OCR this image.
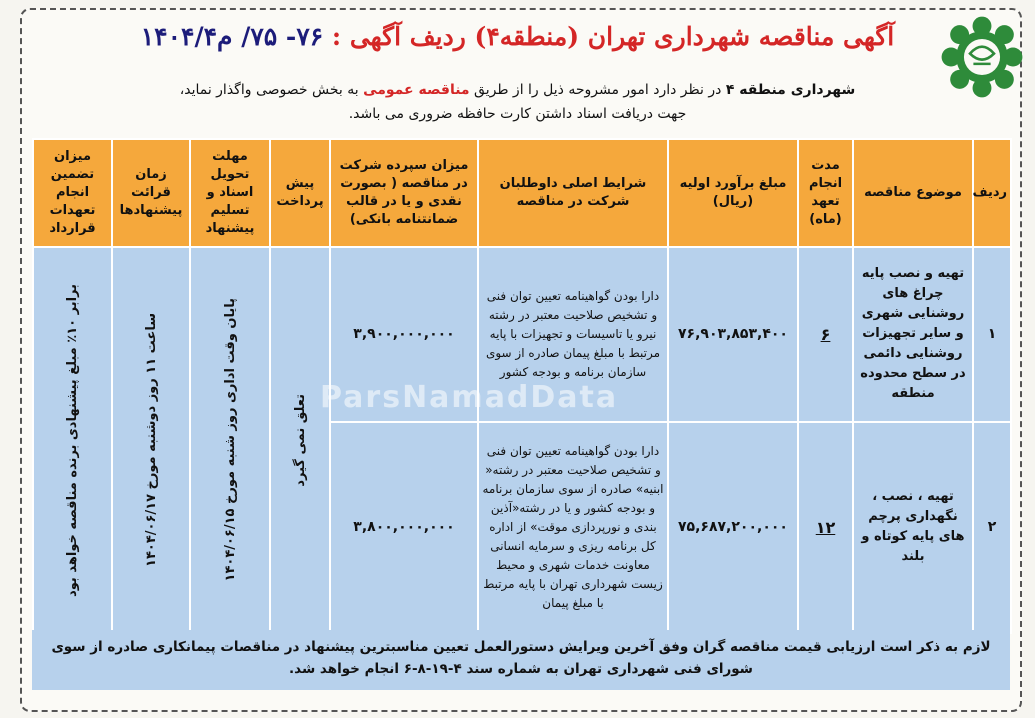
آگهی مناقصه شهرداری تهران (منطقه۴) ردیف آگهی : ۷۶- ۷۵/ م۱۴۰۴/۴
شهرداری منطقه ۴ در نظر دارد امور مشروحه ذیل را از طریق مناقصه عمومی به بخش خصوصی واگذار نماید،
جهت دریافت اسناد داشتن کارت حافظه ضروری می باشد.
ردیف	موضوع مناقصه	مدت انجام تعهد (ماه)	مبلغ برآورد اولیه (ریال)	شرایط اصلی داوطلبان شرکت در مناقصه	میزان سپرده شرکت در مناقصه ( بصورت نقدی و یا در قالب ضمانتنامه بانکی)	پیش پرداخت	مهلت تحویل اسناد و تسلیم پیشنهاد	زمان قرائت پیشنهادها	میزان تضمین انجام تعهدات قرارداد
۱	تهیه و نصب پایه چراغ های روشنایی شهری و سایر تجهیزات روشنایی دائمی در سطح محدوده منطقه	۶	۷۶,۹۰۳,۸۵۳,۴۰۰	دارا بودن گواهینامه تعیین توان فنی و تشخیص صلاحیت معتبر در رشته نیرو یا تاسیسات و تجهیزات با پایه مرتبط با مبلغ پیمان صادره از سوی سازمان برنامه و بودجه کشور	۳,۹۰۰,۰۰۰,۰۰۰	تعلق نمی گیرد	پایان وقت اداری روز شنبه مورخ ۱۴۰۴/۰۶/۱۵	ساعت ۱۱ روز دوشنبه مورخ ۱۴۰۴/۰۶/۱۷	برابر ۱۰٪ مبلغ پیشنهادی برنده مناقصه خواهد بود

۲	تهیه ، نصب ، نگهداری پرچم های پایه کوتاه و بلند	۱۲	۷۵,۶۸۷,۲۰۰,۰۰۰	دارا بودن گواهینامه تعیین توان فنی و تشخیص صلاحیت معتبر در رشته« ابنیه» صادره از سوی سازمان برنامه و بودجه کشور و یا در رشته«آذین بندی و نورپردازی موقت» از اداره کل برنامه ریزی و سرمایه انسانی معاونت خدمات شهری و محیط زیست شهرداری تهران با پایه مرتبط با مبلغ پیمان	۳,۸۰۰,۰۰۰,۰۰۰				
ParsNamadData
لازم به ذکر است ارزیابی قیمت مناقصه گران وفق آخرین ویرایش دستورالعمل تعیین مناسبترین پیشنهاد در مناقصات پیمانکاری صادره از سوی شورای فنی شهرداری تهران به شماره سند ۴-۱۹-۸-۶ انجام خواهد شد.
